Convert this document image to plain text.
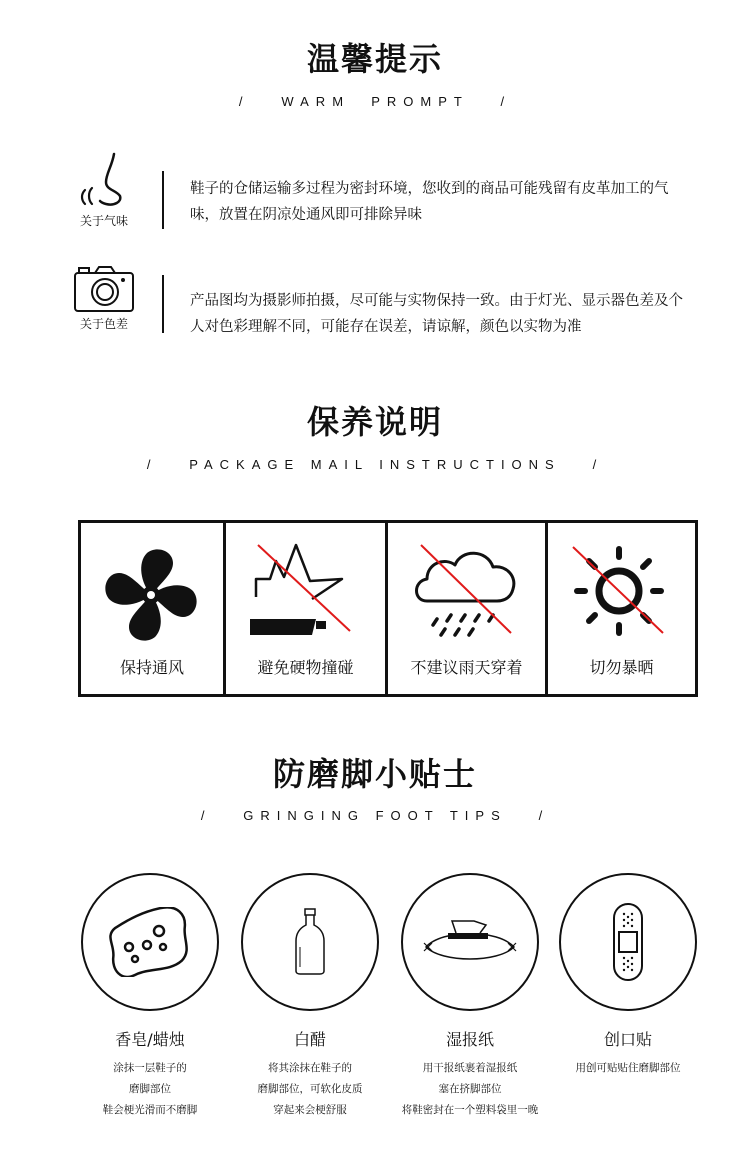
温馨提示
/   WARM  PROMPT   /
关于气味
鞋子的仓储运输多过程为密封环境，您收到的商品可能残留有皮革加工的气味，放置在阴凉处通风即可排除异味
关于色差
产品图均为摄影师拍摄，尽可能与实物保持一致。由于灯光、显示器色差及个人对色彩理解不同，可能存在误差，请谅解，颜色以实物为准
保养说明
/   PACKAGE MAIL INSTRUCTIONS   /
保持通风	避免硬物撞碰	不建议雨天穿着	切勿暴晒
防磨脚小贴士
/   GRINGING FOOT TIPS   /
香皂/蜡烛
涂抹一层鞋子的
磨脚部位
鞋会梗光滑而不磨脚
白醋
将其涂抹在鞋子的
磨脚部位，可软化皮质
穿起来会梗舒服
湿报纸
用干报纸裹着湿报纸
塞在挤脚部位
将鞋密封在一个塑料袋里一晚
创口贴
用创可贴贴住磨脚部位
